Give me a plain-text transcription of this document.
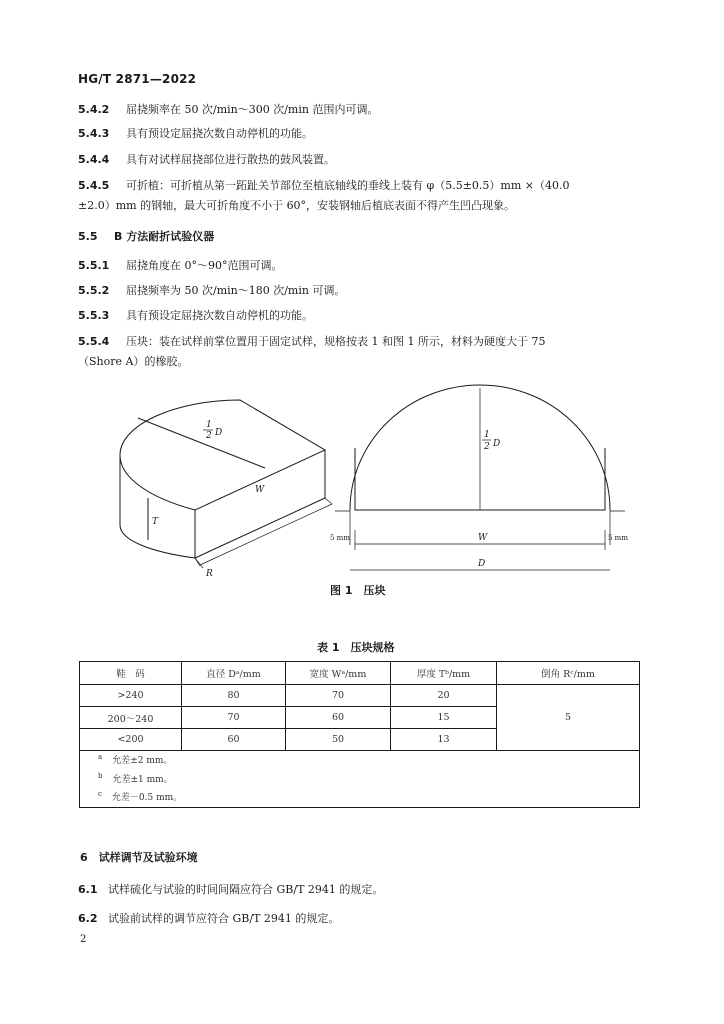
HG/T 2871—2022
5.4.2 屈挠频率在 50 次/min～300 次/min 范围内可调。
5.4.3 具有预设定屈挠次数自动停机的功能。
5.4.4 具有对试样屈挠部位进行散热的鼓风装置。
5.4.5 可折植：可折植从第一跖趾关节部位至植底轴线的垂线上装有 φ（5.5±0.5）mm ×（40.0
±2.0）mm 的钢轴，最大可折角度不小于 60°，安装钢轴后植底表面不得产生凹凸现象。
5.5 B 方法耐折试验仪器
5.5.1 屈挠角度在 0°～90°范围可调。
5.5.2 屈挠频率为 50 次/min～180 次/min 可调。
5.5.3 具有预设定屈挠次数自动停机的功能。
5.5.4 压块：装在试样前掌位置用于固定试样，规格按表 1 和图 1 所示，材料为硬度大于 75
（Shore A）的橡胶。
1
2 D
T
W
R
1
2 D
W
D
5 mm	5 mm
图 1　压块
表 1　压块规格
鞋　码	直径 Dᵃ/mm	宽度 Wᵃ/mm	厚度 Tᵇ/mm	倒角 Rᶜ/mm
>240	80	70	20	5
200～240	70	60	15	
<200	60	50	13	
$^a$ 允差±2 mm。
$^b$ 允差±1 mm。
$^c$ 允差－0.5 mm。
6　试样调节及试验环境
6.1 试样硫化与试验的时间间隔应符合 GB/T 2941 的规定。
6.2 试验前试样的调节应符合 GB/T 2941 的规定。
2
